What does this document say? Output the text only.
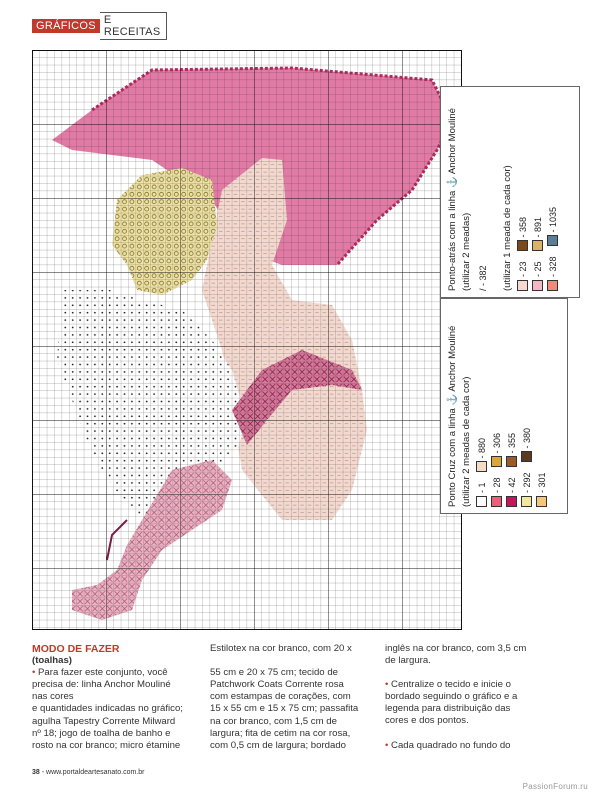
GRÁFICOS E RECEITAS
Ponto-atrás com a linha ⚓ Anchor Mouliné (utilizar 2 meadas) / - 382 (utilizar 1 meada de cada cor) - 23
- 358
- 25
- 891
- 328
- 1035
Ponto Cruz com a linha ⚓ Anchor Mouliné (utilizar 2 meadas de cada cor) - 1
- 880
- 28
- 306
- 42
- 355
- 292
- 380
- 301
MODO DE FAZER
(toalhas)
• Para fazer este conjunto, você
precisa de: linha Anchor Mouliné
nas cores
e quantidades indicadas no gráfico;
agulha Tapestry Corrente Milward
nº 18; jogo de toalha de banho e
rosto na cor branco; micro étamine
Estilotex na cor branco, com 20 x

55 cm e 20 x 75 cm; tecido de
Patchwork Coats Corrente rosa
com estampas de corações, com
15 x 55 cm e 15 x 75 cm; passafita
na cor branco, com 1,5 cm de
largura; fita de cetim na cor rosa,
com 0,5 cm de largura; bordado
inglês na cor branco, com 3,5 cm
de largura.

• Centralize o tecido e inicie o
bordado seguindo o gráfico e a
legenda para distribuição das
cores e dos pontos.

• Cada quadrado no fundo do
38 - www.portaldeartesanato.com.br
PassionForum.ru
